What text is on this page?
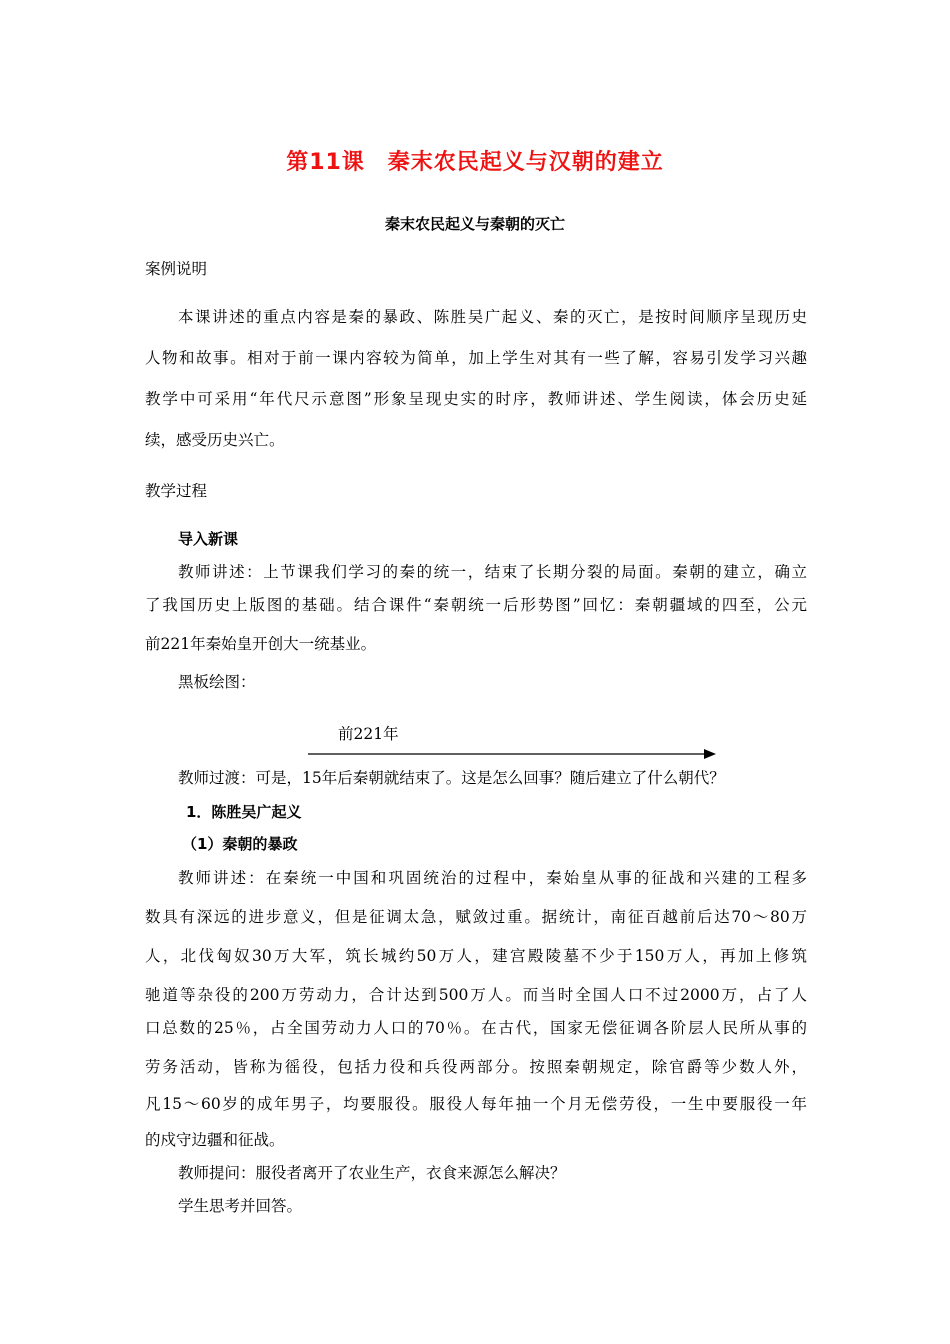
第11课　秦末农民起义与汉朝的建立
秦末农民起义与秦朝的灭亡
案例说明
本课讲述的重点内容是秦的暴政、陈胜吴广起义、秦的灭亡，是按时间顺序呈现历史
人物和故事。相对于前一课内容较为简单，加上学生对其有一些了解，容易引发学习兴趣
教学中可采用“年代尺示意图”形象呈现史实的时序，教师讲述、学生阅读，体会历史延
续，感受历史兴亡。
教学过程
导入新课
教师讲述：上节课我们学习的秦的统一，结束了长期分裂的局面。秦朝的建立，确立
了我国历史上版图的基础。结合课件“秦朝统一后形势图”回忆：秦朝疆域的四至，公元
前221年秦始皇开创大一统基业。
黑板绘图：
前221年
教师过渡：可是，15年后秦朝就结束了。这是怎么回事？随后建立了什么朝代？
1．陈胜吴广起义
（1）秦朝的暴政
教师讲述：在秦统一中国和巩固统治的过程中，秦始皇从事的征战和兴建的工程多
数具有深远的进步意义，但是征调太急，赋敛过重。据统计，南征百越前后达70～80万
人，北伐匈奴30万大军，筑长城约50万人，建宫殿陵墓不少于150万人，再加上修筑
驰道等杂役的200万劳动力，合计达到500万人。而当时全国人口不过2000万，占了人
口总数的25％，占全国劳动力人口的70％。在古代，国家无偿征调各阶层人民所从事的
劳务活动，皆称为徭役，包括力役和兵役两部分。按照秦朝规定，除官爵等少数人外，
凡15～60岁的成年男子，均要服役。服役人每年抽一个月无偿劳役，一生中要服役一年
的戍守边疆和征战。
教师提问：服役者离开了农业生产，衣食来源怎么解决？
学生思考并回答。
